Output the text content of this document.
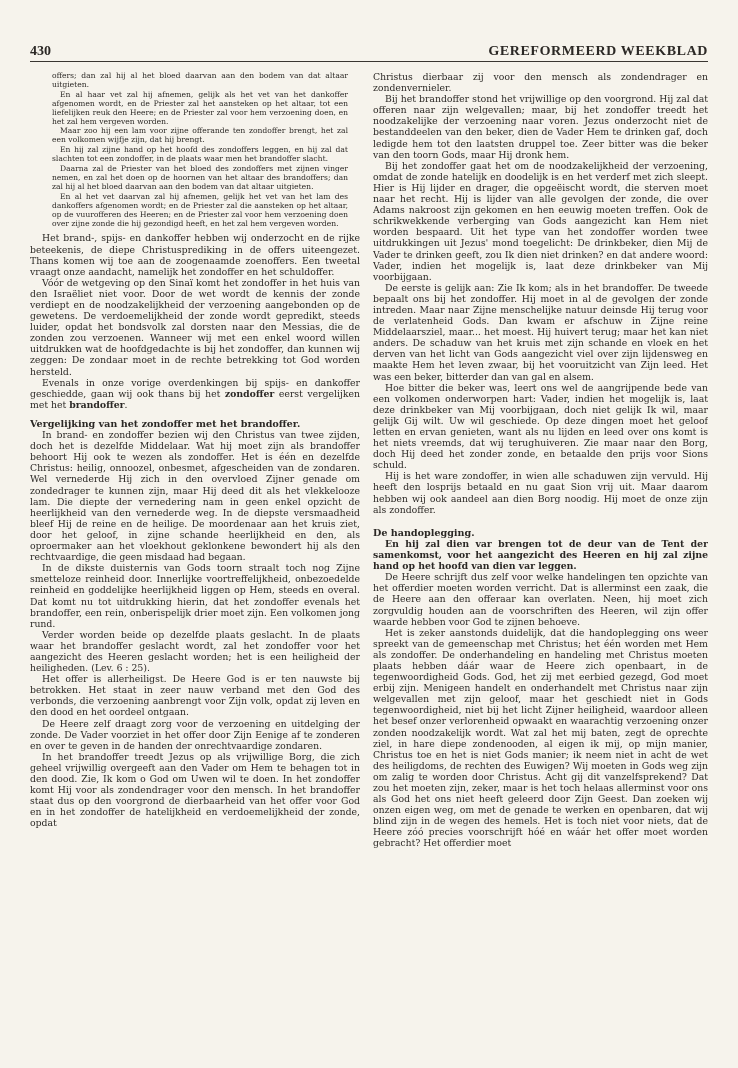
430	GEREFORMEERD WEEKBLAD

offers; dan zal hij al het bloed daarvan aan den bodem van dat altaar uitgieten.

En al haar vet zal hij afnemen, gelijk als het vet van het dankoffer afgenomen wordt, en de Priester zal het aansteken op het altaar, tot een liefelijken reuk den Heere; en de Priester zal voor hem verzoening doen, en het zal hem vergeven worden.

Maar zoo hij een lam voor zijne offerande ten zondoffer brengt, het zal een volkomen wijfje zijn, dat hij brengt.

En hij zal zijne hand op het hoofd des zondoffers leggen, en hij zal dat slachten tot een zondoffer, in de plaats waar men het brandoffer slacht.

Daarna zal de Priester van het bloed des zondoffers met zijnen vinger nemen, en zal het doen op de hoornen van het altaar des brandoffers; dan zal hij al het bloed daarvan aan den bodem van dat altaar uitgieten.

En al het vet daarvan zal hij afnemen, gelijk het vet van het lam des dankoffers afgenomen wordt; en de Priester zal die aansteken op het altaar, op de vuurofferen des Heeren; en de Priester zal voor hem verzoening doen over zijne zonde die hij gezondigd heeft, en het zal hem vergeven worden.

Het brand-, spijs- en dankoffer hebben wij onderzocht en de rijke beteekenis, de diepe Christusprediking in de offers uiteengezet. Thans komen wij toe aan de zoogenaamde zoenoffers. Een tweetal vraagt onze aandacht, namelijk het zondoffer en het schuldoffer.

Vóór de wetgeving op den Sinaï komt het zondoffer in het huis van den Israëliet niet voor. Door de wet wordt de kennis der zonde verdiept en de noodzakelijkheid der verzoening aangebonden op de gewetens. De verdoemelijkheid der zonde wordt gepredikt, steeds luider, opdat het bondsvolk zal dorsten naar den Messias, die de zonden zou verzoenen. Wanneer wij met een enkel woord willen uitdrukken wat de hoofdgedachte is bij het zondoffer, dan kunnen wij zeggen: De zondaar moet in de rechte betrekking tot God worden hersteld.

Evenals in onze vorige overdenkingen bij spijs- en dankoffer geschiedde, gaan wij ook thans bij het zondoffer eerst vergelijken met het brandoffer.

Vergelijking van het zondoffer met het brandoffer.

In brand- en zondoffer bezien wij den Christus van twee zijden, doch het is dezelfde Middelaar. Wat hij moet zijn als brandoffer behoort Hij ook te wezen als zondoffer. Het is één en dezelfde Christus: heilig, onnoozel, onbesmet, afgescheiden van de zondaren. Wel vernederde Hij zich in den overvloed Zijner genade om zondedrager te kunnen zijn, maar Hij deed dit als het vlekkelooze lam. Die diepte der vernedering nam in geen enkel opzicht de heerlijkheid van den vernederde weg. In de diepste versmaadheid bleef Hij de reine en de heilige. De moordenaar aan het kruis ziet, door het geloof, in zijne schande heerlijkheid en den, als oproermaker aan het vloekhout geklonkene bewondert hij als den rechtvaardige, die geen misdaad had begaan.

In de dikste duisternis van Gods toorn straalt toch nog Zijne smetteloze reinheid door. Innerlijke voortreffelijkheid, onbezoedelde reinheid en goddelijke heerlijkheid liggen op Hem, steeds en overal. Dat komt nu tot uitdrukking hierin, dat het zondoffer evenals het brandoffer, een rein, onberispelijk drier moet zijn. Een volkomen jong rund.

Verder worden beide op dezelfde plaats geslacht. In de plaats waar het brandoffer geslacht wordt, zal het zondoffer voor het aangezicht des Heeren geslacht worden; het is een heiligheid der heiligheden. (Lev. 6 : 25).

Het offer is allerheiligst. De Heere God is er ten nauwste bij betrokken. Het staat in zeer nauw verband met den God des verbonds, die verzoening aanbrengt voor Zijn volk, opdat zij leven en den dood en het oordeel ontgaan.

De Heere zelf draagt zorg voor de verzoening en uitdelging der zonde. De Vader voorziet in het offer door Zijn Eenige af te zonderen en over te geven in de handen der onrechtvaardige zondaren.

In het brandoffer treedt Jezus op als vrijwillige Borg, die zich geheel vrijwillig overgeeft aan den Vader om Hem te behagen tot in den dood. Zie, Ik kom o God om Uwen wil te doen. In het zondoffer komt Hij voor als zondendrager voor den mensch. In het brandoffer staat dus op den voorgrond de dierbaarheid van het offer voor God en in het zondoffer de hatelijkheid en verdoemelijkheid der zonde, opdat

Christus dierbaar zij voor den mensch als zondendrager en zondenvernieler.

Bij het brandoffer stond het vrijwillige op den voorgrond. Hij zal dat offeren naar zijn welgevallen; maar, bij het zondoffer treedt het noodzakelijke der verzoening naar voren. Jezus onderzocht niet de bestanddeelen van den beker, dien de Vader Hem te drinken gaf, doch ledigde hem tot den laatsten druppel toe. Zeer bitter was die beker van den toorn Gods, maar Hij dronk hem.

Bij het zondoffer gaat het om de noodzakelijkheid der verzoening, omdat de zonde hatelijk en doodelijk is en het verderf met zich sleept. Hier is Hij lijder en drager, die opgeëischt wordt, die sterven moet naar het recht. Hij is lijder van alle gevolgen der zonde, die over Adams nakroost zijn gekomen en hen eeuwig moeten treffen. Ook de schrikwekkende verberging van Gods aangezicht kan Hem niet worden bespaard. Uit het type van het zondoffer worden twee uitdrukkingen uit Jezus' mond toegelicht: De drinkbeker, dien Mij de Vader te drinken geeft, zou Ik dien niet drinken? en dat andere woord: Vader, indien het mogelijk is, laat deze drinkbeker van Mij voorbijgaan.

De eerste is gelijk aan: Zie Ik kom; als in het brandoffer. De tweede bepaalt ons bij het zondoffer. Hij moet in al de gevolgen der zonde intreden. Maar naar Zijne menschelijke natuur deinsde Hij terug voor de verlatenheid Gods. Dan kwam er afschuw in Zijne reine Middelaarsziel, maar... het moest. Hij huivert terug; maar het kan niet anders. De schaduw van het kruis met zijn schande en vloek en het derven van het licht van Gods aangezicht viel over zijn lijdensweg en maakte Hem het leven zwaar, bij het vooruitzicht van Zijn leed. Het was een beker, bitterder dan van gal en alsem.

Hoe bitter die beker was, leert ons wel de aangrijpende bede van een volkomen onderworpen hart: Vader, indien het mogelijk is, laat deze drinkbeker van Mij voorbijgaan, doch niet gelijk Ik wil, maar gelijk Gij wilt. Uw wil geschiede. Op deze dingen moet het geloof letten en ervan genieten, want als nu lijden en leed over ons komt is het niets vreemds, dat wij terughuiveren. Zie maar naar den Borg, doch Hij deed het zonder zonde, en betaalde den prijs voor Sions schuld.

Hij is het ware zondoffer, in wien alle schaduwen zijn vervuld. Hij heeft den losprijs betaald en nu gaat Sion vrij uit. Maar daarom hebben wij ook aandeel aan dien Borg noodig. Hij moet de onze zijn als zondoffer.

De handoplegging.

En hij zal dien var brengen tot de deur van de Tent der samenkomst, voor het aangezicht des Heeren en hij zal zijne hand op het hoofd van dien var leggen.

De Heere schrijft dus zelf voor welke handelingen ten opzichte van het offerdier moeten worden verricht. Dat is allerminst een zaak, die de Heere aan den offeraar kan overlaten. Neen, hij moet zich zorgvuldig houden aan de voorschriften des Heeren, wil zijn offer waarde hebben voor God te zijnen behoeve.

Het is zeker aanstonds duidelijk, dat die handoplegging ons weer spreekt van de gemeenschap met Christus; het één worden met Hem als zondoffer. De onderhandeling en handeling met Christus moeten plaats hebben dáár waar de Heere zich openbaart, in de tegenwoordigheid Gods. God, het zij met eerbied gezegd, God moet erbij zijn. Menigeen handelt en onderhandelt met Christus naar zijn welgevallen met zijn geloof, maar het geschiedt niet in Gods tegenwoordigheid, niet bij het licht Zijner heiligheid, waardoor alleen het besef onzer verlorenheid opwaakt en waarachtig verzoening onzer zonden noodzakelijk wordt. Wat zal het mij baten, zegt de oprechte ziel, in hare diepe zondenooden, al eigen ik mij, op mijn manier, Christus toe en het is niet Gods manier; ik neem niet in acht de wet des heiligdoms, de rechten des Euwigen? Wij moeten in Gods weg zijn om zalig te worden door Christus. Acht gij dit vanzelfsprekend? Dat zou het moeten zijn, zeker, maar is het toch helaas allerminst voor ons als God het ons niet heeft geleerd door Zijn Geest. Dan zoeken wij onzen eigen weg, om met de genade te werken en openbaren, dat wij blind zijn in de wegen des hemels. Het is toch niet voor niets, dat de Heere zóó precies voorschrijft hóé en wáár het offer moet worden gebracht? Het offerdier moet
